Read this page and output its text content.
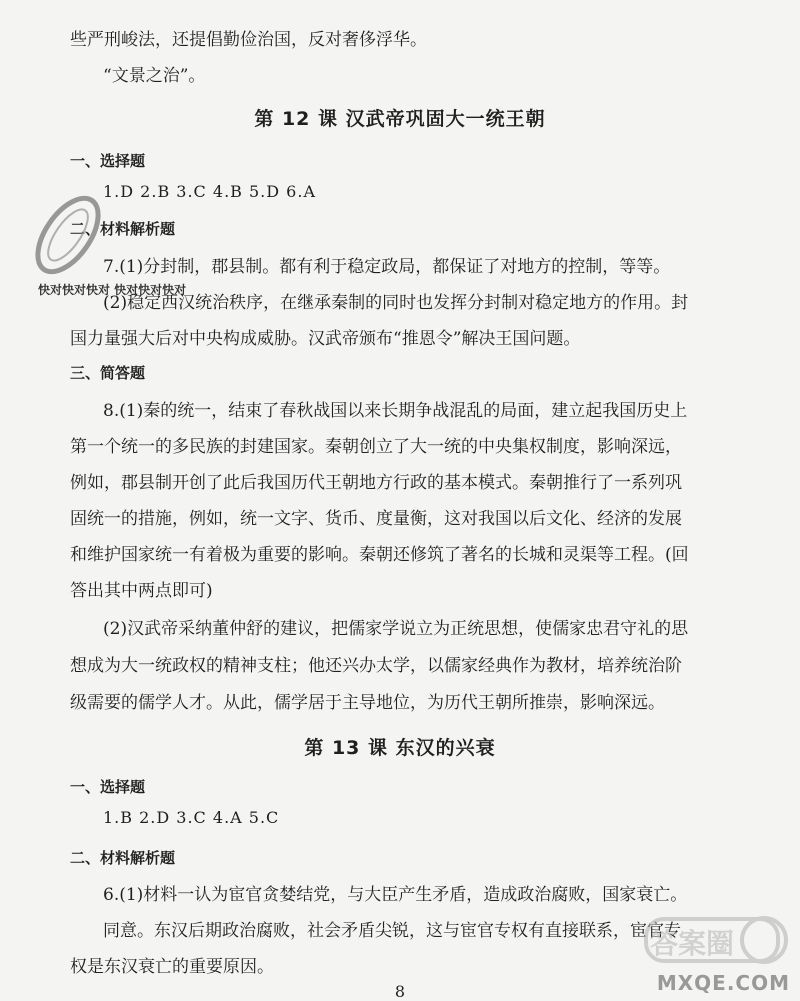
些严刑峻法，还提倡勤俭治国，反对奢侈浮华。
“文景之治”。
第 12 课 汉武帝巩固大一统王朝
一、选择题
1.D 2.B 3.C 4.B 5.D 6.A
二、材料解析题
7.(1)分封制，郡县制。都有利于稳定政局，都保证了对地方的控制，等等。
(2)稳定西汉统治秩序，在继承秦制的同时也发挥分封制对稳定地方的作用。封
国力量强大后对中央构成威胁。汉武帝颁布“推恩令”解决王国问题。
三、简答题
8.(1)秦的统一，结束了春秋战国以来长期争战混乱的局面，建立起我国历史上
第一个统一的多民族的封建国家。秦朝创立了大一统的中央集权制度，影响深远，
例如，郡县制开创了此后我国历代王朝地方行政的基本模式。秦朝推行了一系列巩
固统一的措施，例如，统一文字、货币、度量衡，这对我国以后文化、经济的发展
和维护国家统一有着极为重要的影响。秦朝还修筑了著名的长城和灵渠等工程。(回
答出其中两点即可)
(2)汉武帝采纳董仲舒的建议，把儒家学说立为正统思想，使儒家忠君守礼的思
想成为大一统政权的精神支柱；他还兴办太学，以儒家经典作为教材，培养统治阶
级需要的儒学人才。从此，儒学居于主导地位，为历代王朝所推崇，影响深远。
第 13 课 东汉的兴衰
一、选择题
1.B 2.D 3.C 4.A 5.C
二、材料解析题
6.(1)材料一认为宦官贪婪结党，与大臣产生矛盾，造成政治腐败，国家衰亡。
同意。东汉后期政治腐败，社会矛盾尖锐，这与宦官专权有直接联系，宦官专
权是东汉衰亡的重要原因。
8
快对快对快对 快对快对快对
答案圈
MXQE.COM
